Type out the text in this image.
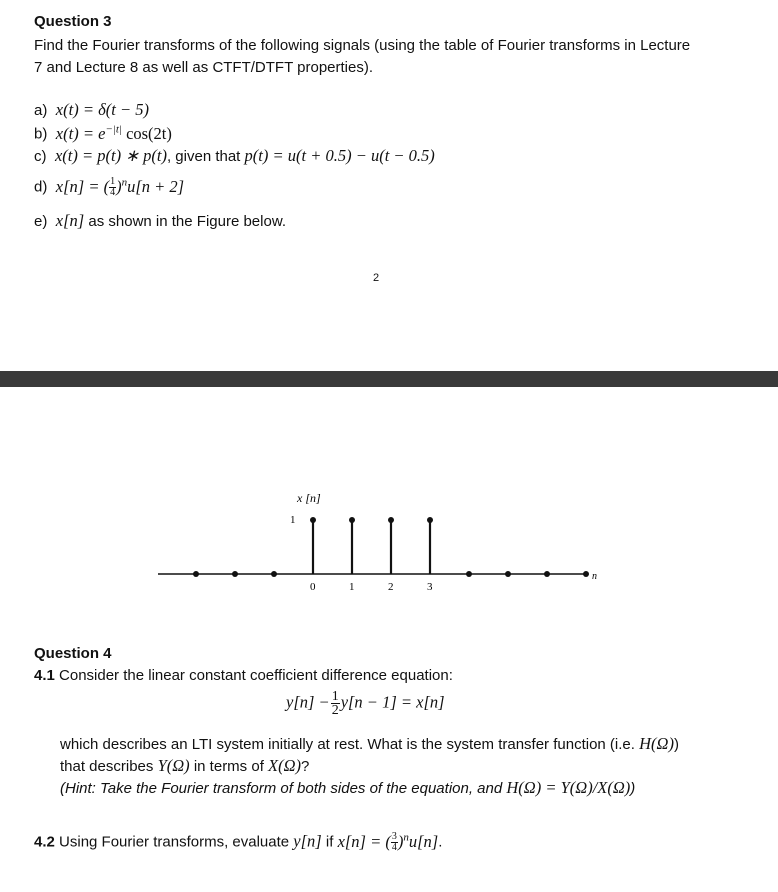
Question 3
Find the Fourier transforms of the following signals (using the table of Fourier transforms in Lecture
7 and Lecture 8 as well as CTFT/DTFT properties).
a) x(t) = δ(t − 5)
b) $x(t) = e^{-|t|}$ cos(2t)
c) x(t) = p(t) ∗ p(t), given that p(t) = u(t + 0.5) − u(t − 0.5)
d) x[n] = ( $\frac{1}{4} )^nu[n + 2]$
e) x[n] as shown in the Figure below.
2
0	1	2	3
x [n]
1
n
Question 4
4.1 Consider the linear constant coefficient difference equation:
$y[n] - \frac{1}{2} y[n - 1] = x[n]$
which describes an LTI system initially at rest. What is the system transfer function (i.e. H(Ω))
that describes Y(Ω) in terms of X(Ω)?
(Hint: Take the Fourier transform of both sides of the equation, and H(Ω) = Y(Ω)/X(Ω))
4.2 Using Fourier transforms, evaluate y[n] if x[n] = ( $\frac{3}{4} )^nu[n]$.
